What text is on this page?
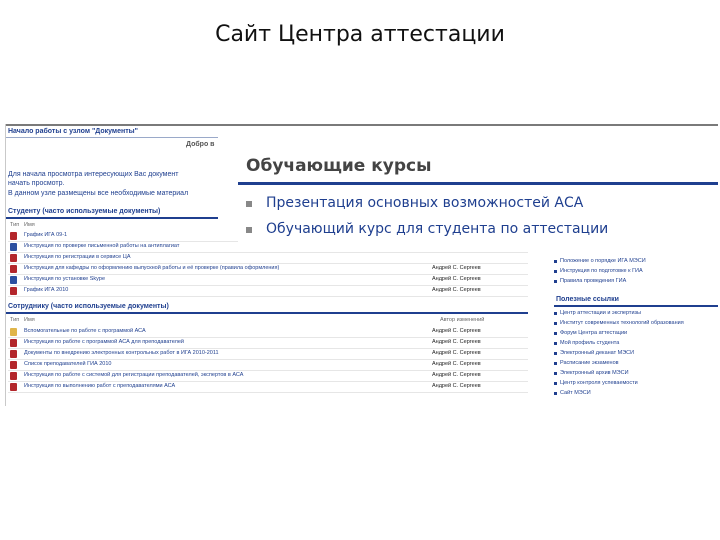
Сайт Центра аттестации
Начало работы с узлом "Документы"
Добро в
Для начала просмотра интересующих Вас документ
начать просмотр.
В данном узле размещены все необходимые материал
Студенту (часто используемые документы)
Тип Имя
График ИГА 09-1
Инструкция по проверке письменной работы на антиплагиат
Инструкция по регистрации в сервисе ЦА
Инструкция для кафедры по оформлению выпускной работы и её проверке (правила оформления)	Андрей С. Сергеев
Инструкция по установке Skype	Андрей С. Сергеев
График ИГА 2010	Андрей С. Сергеев
Сотруднику (часто используемые документы)
Тип Имя	Автор изменений
Вспомогательные по работе с программой АСА	Андрей С. Сергеев
Инструкция по работе с программой АСА для преподавателей	Андрей С. Сергеев
Документы по внедрению электронных контрольных работ в ИГА 2010-2011	Андрей С. Сергеев
Список преподавателей ГИА 2010	Андрей С. Сергеев
Инструкция по работе с системой для регистрации преподавателей, экспертов в АСА	Андрей С. Сергеев
Инструкция по выполнению работ с преподавателями АСА	Андрей С. Сергеев
Обучающие курсы
Презентация основных возможностей АСА
Обучающий курс для студента по аттестации
Положение о порядке ИГА МЭСИ
Инструкция по подготовке к ГИА
Правила проведения ГИА
Полезные ссылки
Центр аттестации и экспертизы
Институт современных технологий образования
Форум Центра аттестации
Мой профиль студента
Электронный деканат МЭСИ
Расписание экзаменов
Электронный архив МЭСИ
Центр контроля успеваемости
Сайт МЭСИ
